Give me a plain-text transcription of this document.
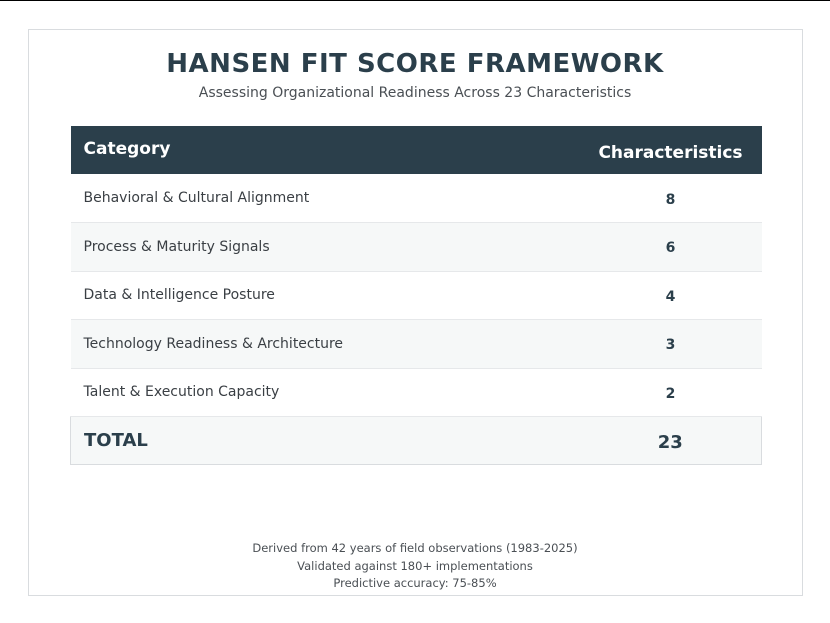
HANSEN FIT SCORE FRAMEWORK
Assessing Organizational Readiness Across 23 Characteristics
Category	Characteristics
Behavioral & Cultural Alignment	8
Process & Maturity Signals	6
Data & Intelligence Posture	4
Technology Readiness & Architecture	3
Talent & Execution Capacity	2
TOTAL	23
Derived from 42 years of field observations (1983-2025)
Validated against 180+ implementations
Predictive accuracy: 75-85%
